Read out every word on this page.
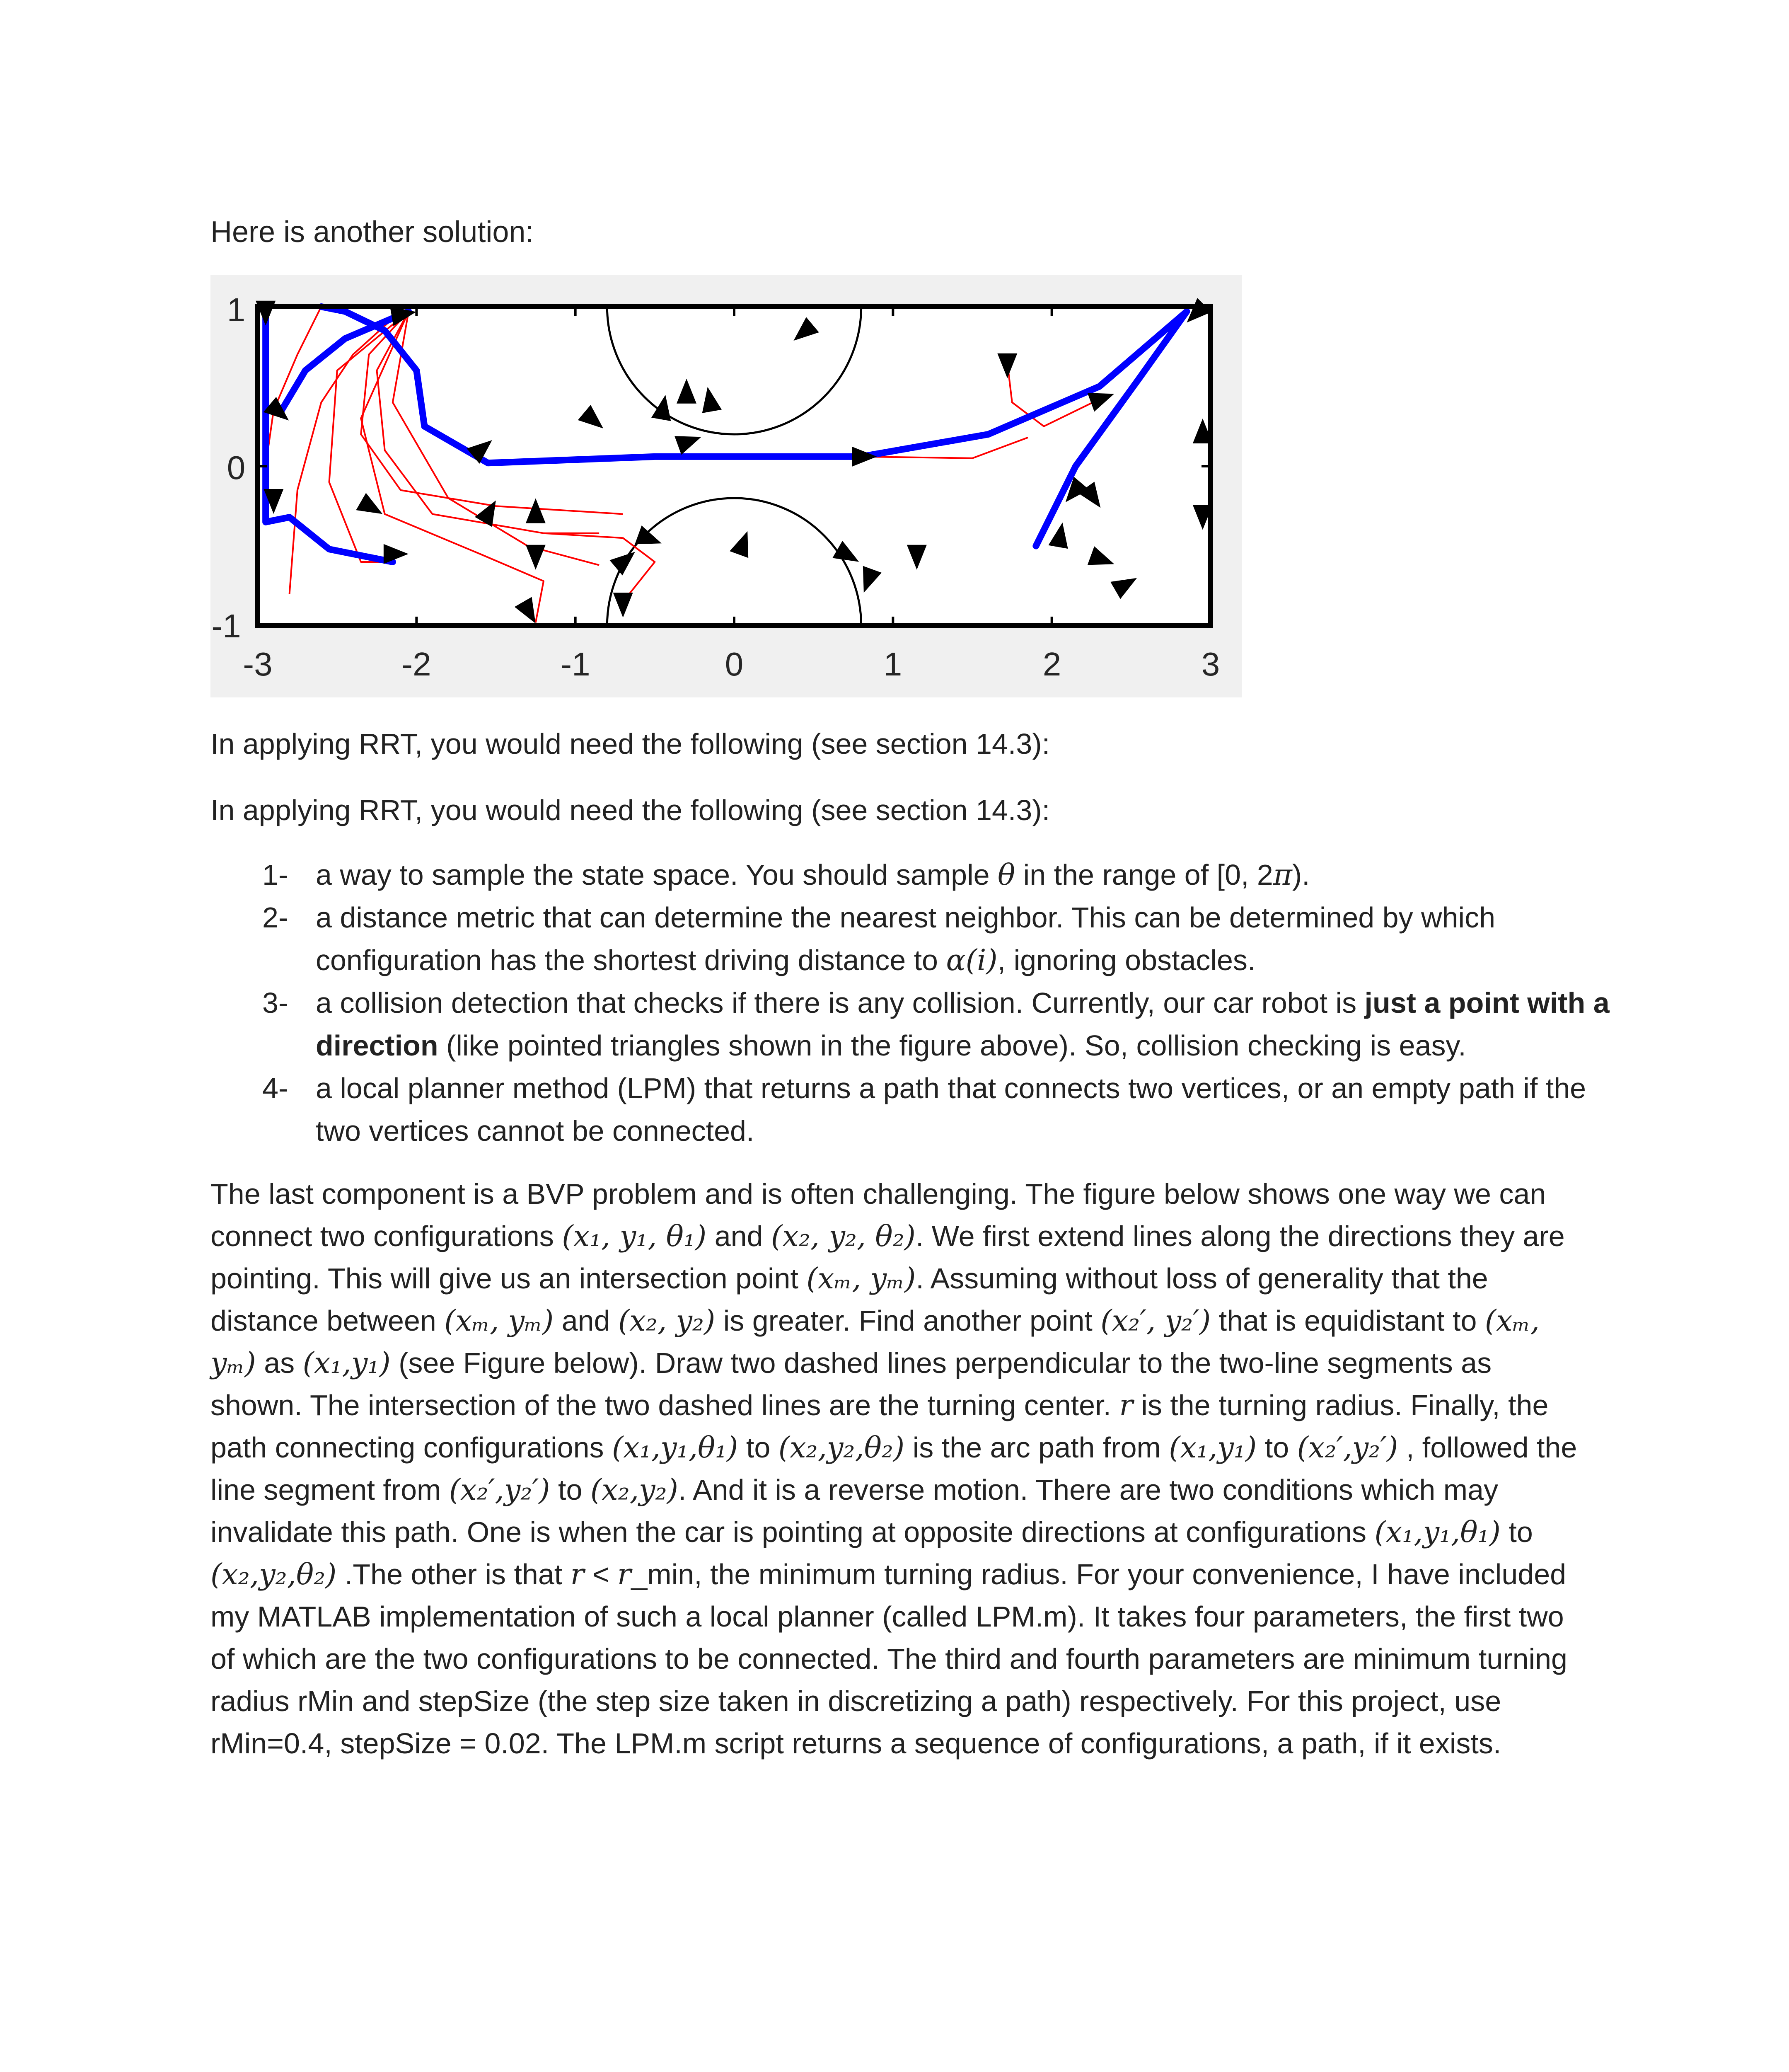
Here is another solution:

1
0
-1
-3	-2	-1	0	1	2	3

In applying RRT, you would need the following (see section 14.3):

In applying RRT, you would need the following (see section 14.3):

1- a way to sample the state space. You should sample θ in the range of [0, 2π).
2- a distance metric that can determine the nearest neighbor. This can be determined by which configuration has the shortest driving distance to α(i), ignoring obstacles.
3- a collision detection that checks if there is any collision. Currently, our car robot is just a point with a direction (like pointed triangles shown in the figure above). So, collision checking is easy.
4- a local planner method (LPM) that returns a path that connects two vertices, or an empty path if the two vertices cannot be connected.

The last component is a BVP problem and is often challenging. The figure below shows one way we can connect two configurations (x₁, y₁, θ₁) and (x₂, y₂, θ₂). We first extend lines along the directions they are pointing. This will give us an intersection point (xₘ, yₘ). Assuming without loss of generality that the distance between (xₘ, yₘ) and (x₂, y₂) is greater. Find another point (x₂′, y₂′) that is equidistant to (xₘ, yₘ) as (x₁,y₁) (see Figure below). Draw two dashed lines perpendicular to the two-line segments as shown. The intersection of the two dashed lines are the turning center. r is the turning radius. Finally, the path connecting configurations (x₁,y₁,θ₁) to (x₂,y₂,θ₂) is the arc path from (x₁,y₁) to (x₂′,y₂′) , followed the line segment from (x₂′,y₂′) to (x₂,y₂). And it is a reverse motion. There are two conditions which may invalidate this path. One is when the car is pointing at opposite directions at configurations (x₁,y₁,θ₁) to (x₂,y₂,θ₂) .The other is that r < r_min, the minimum turning radius. For your convenience, I have included my MATLAB implementation of such a local planner (called LPM.m). It takes four parameters, the first two of which are the two configurations to be connected. The third and fourth parameters are minimum turning radius rMin and stepSize (the step size taken in discretizing a path) respectively. For this project, use rMin=0.4, stepSize = 0.02. The LPM.m script returns a sequence of configurations, a path, if it exists.
